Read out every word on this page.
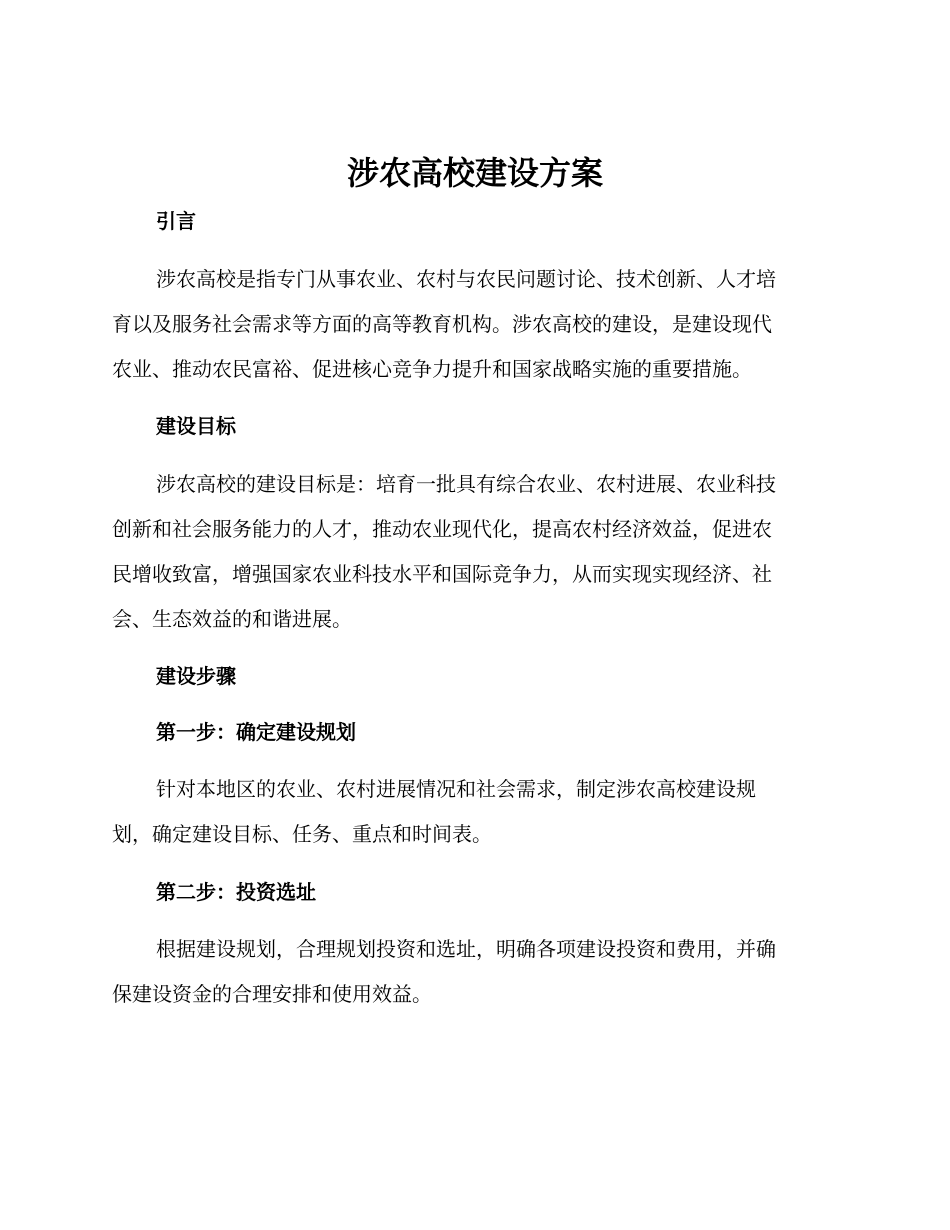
涉农高校建设方案
引言
涉农高校是指专门从事农业、农村与农民问题讨论、技术创新、人才培
育以及服务社会需求等方面的高等教育机构。涉农高校的建设，是建设现代
农业、推动农民富裕、促进核心竞争力提升和国家战略实施的重要措施。
建设目标
涉农高校的建设目标是：培育一批具有综合农业、农村进展、农业科技
创新和社会服务能力的人才，推动农业现代化，提高农村经济效益，促进农
民增收致富，增强国家农业科技水平和国际竞争力，从而实现实现经济、社
会、生态效益的和谐进展。
建设步骤
第一步：确定建设规划
针对本地区的农业、农村进展情况和社会需求，制定涉农高校建设规
划，确定建设目标、任务、重点和时间表。
第二步：投资选址
根据建设规划，合理规划投资和选址，明确各项建设投资和费用，并确
保建设资金的合理安排和使用效益。
